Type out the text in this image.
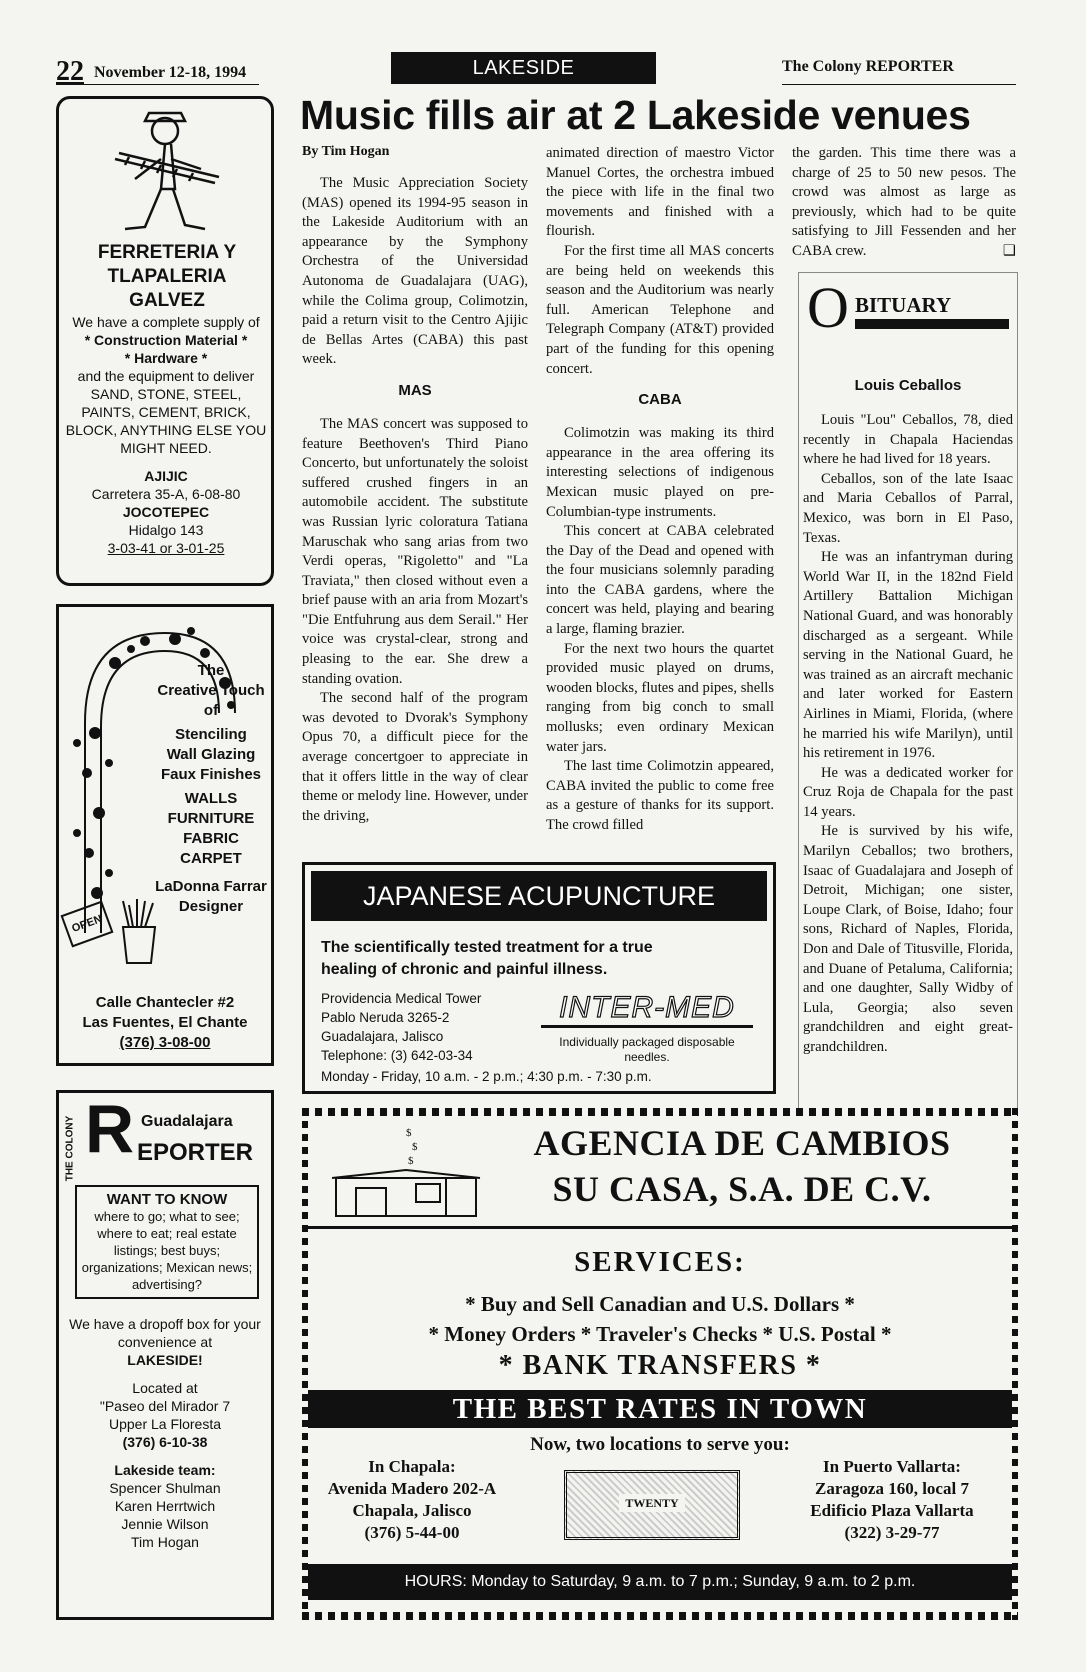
22 November 12-18, 1994	LAKESIDE	The Colony REPORTER
Music fills air at 2 Lakeside venues
By Tim Hogan

The Music Appreciation Society (MAS) opened its 1994-95 season in the Lakeside Auditorium with an appearance by the Symphony Orchestra of the Universidad Autonoma de Guadalajara (UAG), while the Colima group, Colimotzin, paid a return visit to the Centro Ajijic de Bellas Artes (CABA) this past week.

MAS

The MAS concert was supposed to feature Beethoven's Third Piano Concerto, but unfortunately the soloist suffered crushed fingers in an automobile accident. The substitute was Russian lyric coloratura Tatiana Maruschak who sang arias from two Verdi operas, "Rigoletto" and "La Traviata," then closed without even a brief pause with an aria from Mozart's "Die Entfuhrung aus dem Serail." Her voice was crystal-clear, strong and pleasing to the ear. She drew a standing ovation.

The second half of the program was devoted to Dvorak's Symphony Opus 70, a difficult piece for the average concertgoer to appreciate in that it offers little in the way of clear theme or melody line. However, under the driving,

animated direction of maestro Victor Manuel Cortes, the orchestra imbued the piece with life in the final two movements and finished with a flourish.

For the first time all MAS concerts are being held on weekends this season and the Auditorium was nearly full. American Telephone and Telegraph Company (AT&T) provided part of the funding for this opening concert.

CABA

Colimotzin was making its third appearance in the area offering its interesting selections of indigenous Mexican music played on pre-Columbian-type instruments.

This concert at CABA celebrated the Day of the Dead and opened with the four musicians solemnly parading into the CABA gardens, where the concert was held, playing and bearing a large, flaming brazier.

For the next two hours the quartet provided music played on drums, wooden blocks, flutes and pipes, shells ranging from big conch to small mollusks; even ordinary Mexican water jars.

The last time Colimotzin appeared, CABA invited the public to come free as a gesture of thanks for its support. The crowd filled

the garden. This time there was a charge of 25 to 50 new pesos. The crowd was almost as large as previously, which had to be quite satisfying to Jill Fessenden and her CABA crew.	❑

O BITUARY
Louis Ceballos

Louis "Lou" Ceballos, 78, died recently in Chapala Haciendas where he had lived for 18 years.

Ceballos, son of the late Isaac and Maria Ceballos of Parral, Mexico, was born in El Paso, Texas.

He was an infantryman during World War II, in the 182nd Field Artillery Battalion Michigan National Guard, and was honorably discharged as a sergeant. While serving in the National Guard, he was trained as an aircraft mechanic and later worked for Eastern Airlines in Miami, Florida, (where he married his wife Marilyn), until his retirement in 1976.

He was a dedicated worker for Cruz Roja de Chapala for the past 14 years.

He is survived by his wife, Marilyn Ceballos; two brothers, Isaac of Guadalajara and Joseph of Detroit, Michigan; one sister, Loupe Clark, of Boise, Idaho; four sons, Richard of Naples, Florida, Don and Dale of Titusville, Florida, and Duane of Petaluma, California; and one daughter, Sally Widby of Lula, Georgia; also seven grandchildren and eight great-grandchildren.

FERRETERIA Y TLAPALERIA GALVEZ
We have a complete supply of
* Construction Material *
* Hardware *
and the equipment to deliver
SAND, STONE, STEEL, PAINTS, CEMENT, BRICK, BLOCK, ANYTHING ELSE YOU MIGHT NEED.
AJIJIC
Carretera 35-A, 6-08-80
JOCOTEPEC
Hidalgo 143
3-03-41 or 3-01-25
OPEN
The
Creative Touch
of
Stenciling
Wall Glazing
Faux Finishes
WALLS
FURNITURE
FABRIC
CARPET
LaDonna Farrar
Designer
Calle Chantecler #2
Las Fuentes, El Chante
(376) 3-08-00
THE COLONY R Guadalajara
EPORTER
WANT TO KNOW
where to go; what to see; where to eat; real estate listings; best buys; organizations; Mexican news; advertising?
We have a dropoff box for your convenience at
LAKESIDE!
Located at
"Paseo del Mirador 7
Upper La Floresta
(376) 6-10-38
Lakeside team:
Spencer Shulman
Karen Herrtwich
Jennie Wilson
Tim Hogan
JAPANESE ACUPUNCTURE
The scientifically tested treatment for a true healing of chronic and painful illness.
Providencia Medical Tower
Pablo Neruda 3265-2
Guadalajara, Jalisco
Telephone: (3) 642-03-34
INTER-MED
Individually packaged disposable needles.
Monday - Friday, 10 a.m. - 2 p.m.; 4:30 p.m. - 7:30 p.m.
$
$
$	AGENCIA DE CAMBIOS
SU CASA, S.A. DE C.V.
SERVICES:
* Buy and Sell Canadian and U.S. Dollars *
* Money Orders * Traveler's Checks * U.S. Postal *
* BANK TRANSFERS *
THE BEST RATES IN TOWN
Now, two locations to serve you:
In Chapala:
Avenida Madero 202-A
Chapala, Jalisco
(376) 5-44-00
TWENTY
In Puerto Vallarta:
Zaragoza 160, local 7
Edificio Plaza Vallarta
(322) 3-29-77
HOURS: Monday to Saturday, 9 a.m. to 7 p.m.; Sunday, 9 a.m. to 2 p.m.
